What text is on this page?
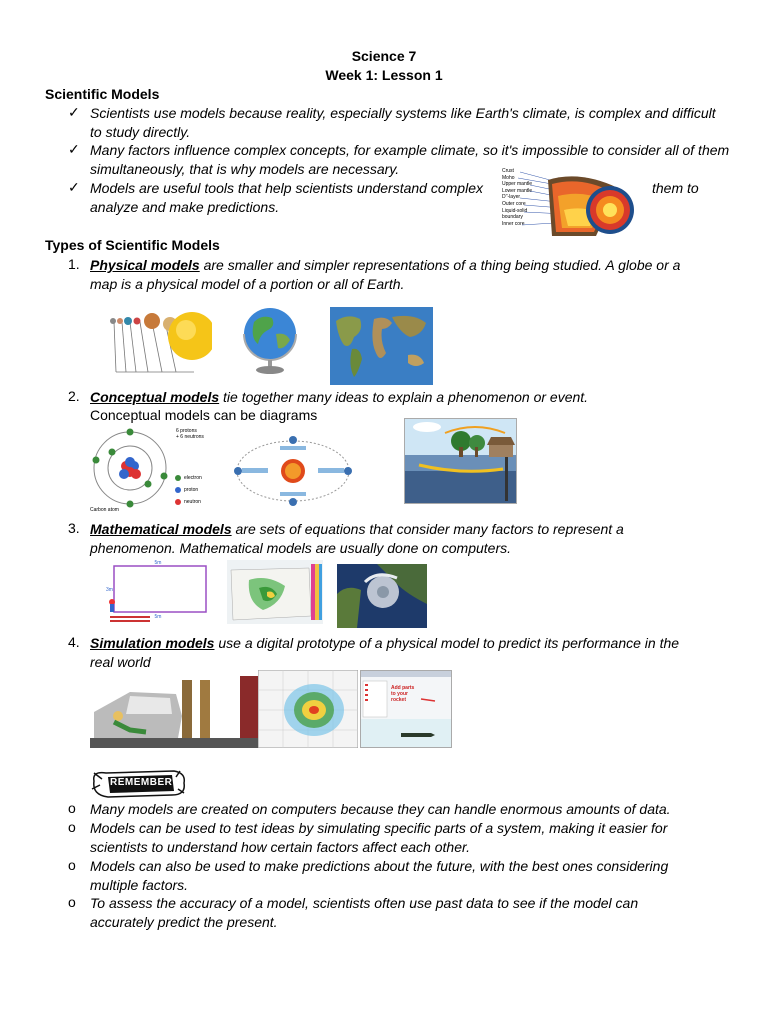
Science 7
Week 1: Lesson 1
Scientific Models
✓ Scientists use models because reality, especially systems like Earth's climate, is complex and difficult to study directly.
✓ Many factors influence complex concepts, for example climate, so it's impossible to consider all of them simultaneously, that is why models are necessary.
✓ Models are useful tools that help scientists understand complex	them to
analyze and make predictions.
Crust
Moho
Upper mantle
Lower mantle
D''-layer
Outer core
Liquid-solid
boundary
Inner core
Types of Scientific Models
1. Physical models are smaller and simpler representations of a thing being studied. A globe or a
map is a physical model of a portion or all of Earth.
2. Conceptual models tie together many ideas to explain a phenomenon or event.
Conceptual models can be diagrams
6 protons
+ 6 neutrons
electron
proton
neutron
Carbon atom
3. Mathematical models are sets of equations that consider many factors to represent a
phenomenon. Mathematical models are usually done on computers.
5m
5m
3m
4. Simulation models use a digital prototype of a physical model to predict its performance in the
real world
Add parts to your rocket
REMEMBER
o Many models are created on computers because they can handle enormous amounts of data.
o Models can be used to test ideas by simulating specific parts of a system, making it easier for
scientists to understand how certain factors affect each other.
o Models can also be used to make predictions about the future, with the best ones considering
multiple factors.
o To assess the accuracy of a model, scientists often use past data to see if the model can
accurately predict the present.
